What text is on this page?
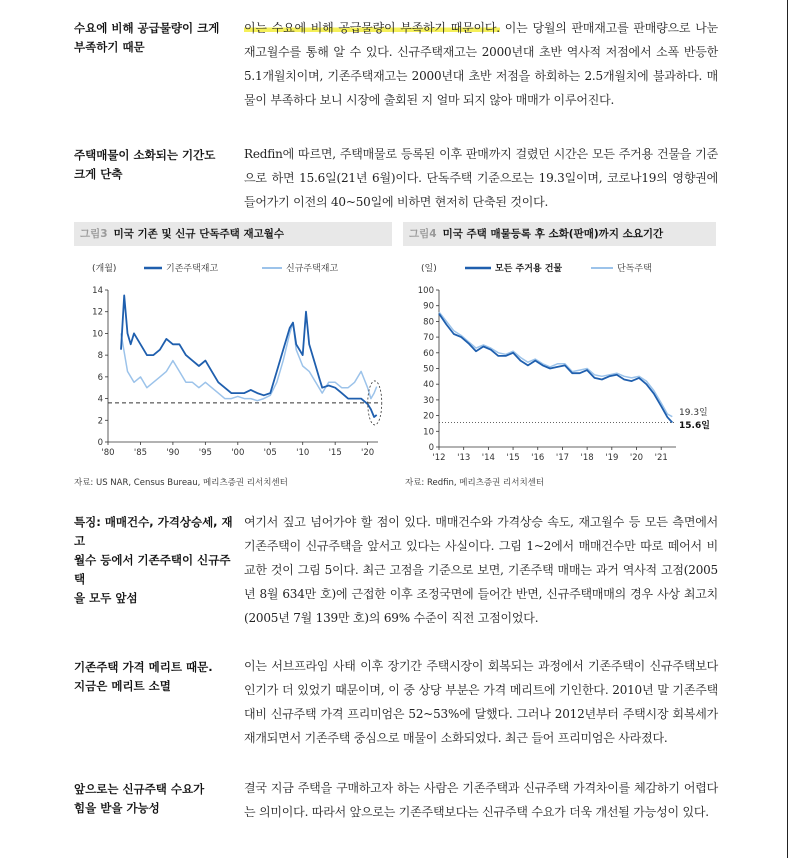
수요에 비해 공급물량이 크게
부족하기 때문
이는 수요에 비해 공급물량이 부족하기 때문이다. 이는 당월의 판매재고를 판매량으로 나눈 재고월수를 통해 알 수 있다. 신규주택재고는 2000년대 초반 역사적 저점에서 소폭 반등한 5.1개월치이며, 기존주택재고는 2000년대 초반 저점을 하회하는 2.5개월치에 불과하다. 매물이 부족하다 보니 시장에 출회된 지 얼마 되지 않아 매매가 이루어진다.
주택매물이 소화되는 기간도
크게 단축
Redfin에 따르면, 주택매물로 등록된 이후 판매까지 걸렸던 시간은 모든 주거용 건물을 기준으로 하면 15.6일(21년 6월)이다. 단독주택 기준으로는 19.3일이며, 코로나19의 영향권에 들어가기 이전의 40~50일에 비하면 현저히 단축된 것이다.
그림3 미국 기존 및 신규 단독주택 재고월수	그림4 미국 주택 매물등록 후 소화(판매)까지 소요기간
(개월)	기존주택재고	신규주택재고
0
2
4
6
8
10
12
14
'80 '85 '90 '95 '00 '05 '10 '15 '20
자료: US NAR, Census Bureau, 메리츠증권 리서치센터
(일)	모든 주거용 건물	단독주택
0
10
20
30
40
50
60
70
80
90
100
'12 '13 '14 '15 '16 '17 '18 '19 '20 '21
19.3일
15.6일
자료: Redfin, 메리츠증권 리서치센터
특징: 매매건수, 가격상승세, 재고
월수 등에서 기존주택이 신규주택
을 모두 앞섬
여기서 짚고 넘어가야 할 점이 있다. 매매건수와 가격상승 속도, 재고월수 등 모든 측면에서 기존주택이 신규주택을 앞서고 있다는 사실이다. 그림 1~2에서 매매건수만 따로 떼어서 비교한 것이 그림 5이다. 최근 고점을 기준으로 보면, 기존주택 매매는 과거 역사적 고점(2005년 8월 634만 호)에 근접한 이후 조정국면에 들어간 반면, 신규주택매매의 경우 사상 최고치(2005년 7월 139만 호)의 69% 수준이 직전 고점이었다.
기존주택 가격 메리트 때문.
지금은 메리트 소멸
이는 서브프라임 사태 이후 장기간 주택시장이 회복되는 과정에서 기존주택이 신규주택보다 인기가 더 있었기 때문이며, 이 중 상당 부분은 가격 메리트에 기인한다. 2010년 말 기존주택 대비 신규주택 가격 프리미엄은 52~53%에 달했다. 그러나 2012년부터 주택시장 회복세가 재개되면서 기존주택 중심으로 매물이 소화되었다. 최근 들어 프리미엄은 사라졌다.
앞으로는 신규주택 수요가
힘을 받을 가능성
결국 지금 주택을 구매하고자 하는 사람은 기존주택과 신규주택 가격차이를 체감하기 어렵다는 의미이다. 따라서 앞으로는 기존주택보다는 신규주택 수요가 더욱 개선될 가능성이 있다.
